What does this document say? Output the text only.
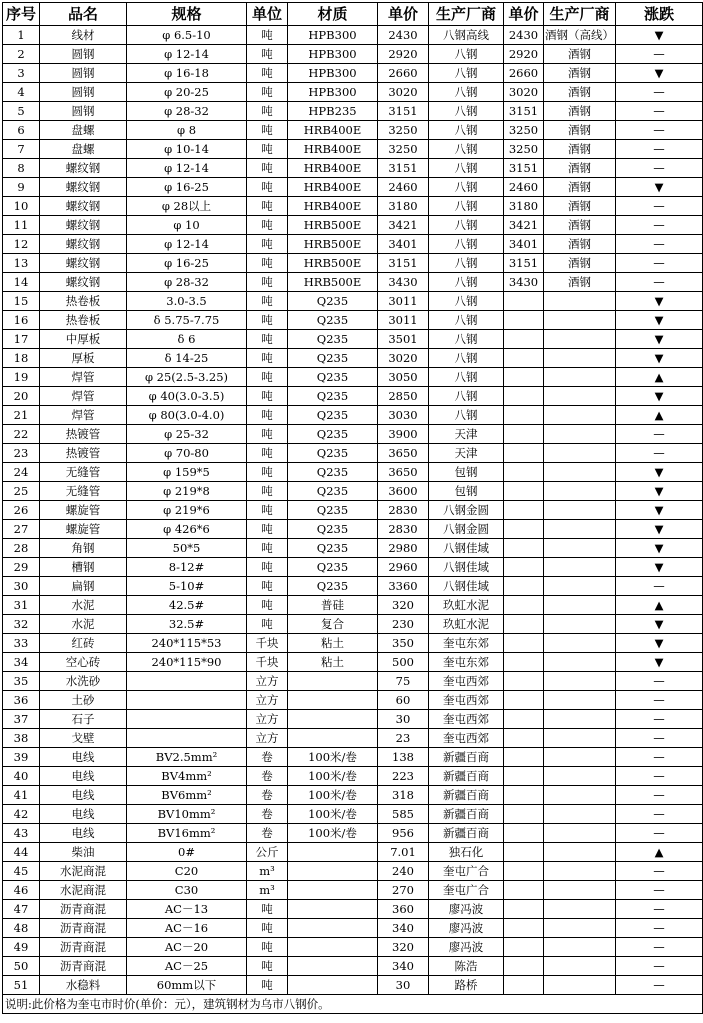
序号	品名	规格	单位	材质	单价	生产厂商	单价	生产厂商	涨跌
1	线材	φ 6.5-10	吨	HPB300	2430	八钢高线	2430	酒钢（高线）	▼
2	圆钢	φ 12-14	吨	HPB300	2920	八钢	2920	酒钢	—
3	圆钢	φ 16-18	吨	HPB300	2660	八钢	2660	酒钢	▼
4	圆钢	φ 20-25	吨	HPB300	3020	八钢	3020	酒钢	—
5	圆钢	φ 28-32	吨	HPB235	3151	八钢	3151	酒钢	—
6	盘螺	φ 8	吨	HRB400E	3250	八钢	3250	酒钢	—
7	盘螺	φ 10-14	吨	HRB400E	3250	八钢	3250	酒钢	—
8	螺纹钢	φ 12-14	吨	HRB400E	3151	八钢	3151	酒钢	—
9	螺纹钢	φ 16-25	吨	HRB400E	2460	八钢	2460	酒钢	▼
10	螺纹钢	φ 28以上	吨	HRB400E	3180	八钢	3180	酒钢	—
11	螺纹钢	φ 10	吨	HRB500E	3421	八钢	3421	酒钢	—
12	螺纹钢	φ 12-14	吨	HRB500E	3401	八钢	3401	酒钢	—
13	螺纹钢	φ 16-25	吨	HRB500E	3151	八钢	3151	酒钢	—
14	螺纹钢	φ 28-32	吨	HRB500E	3430	八钢	3430	酒钢	—
15	热卷板	3.0-3.5	吨	Q235	3011	八钢			▼
16	热卷板	δ 5.75-7.75	吨	Q235	3011	八钢			▼
17	中厚板	δ 6	吨	Q235	3501	八钢			▼
18	厚板	δ 14-25	吨	Q235	3020	八钢			▼
19	焊管	φ 25(2.5-3.25)	吨	Q235	3050	八钢			▲
20	焊管	φ 40(3.0-3.5)	吨	Q235	2850	八钢			▼
21	焊管	φ 80(3.0-4.0)	吨	Q235	3030	八钢			▲
22	热镀管	φ 25-32	吨	Q235	3900	天津			—
23	热镀管	φ 70-80	吨	Q235	3650	天津			—
24	无缝管	φ 159*5	吨	Q235	3650	包钢			▼
25	无缝管	φ 219*8	吨	Q235	3600	包钢			▼
26	螺旋管	φ 219*6	吨	Q235	2830	八钢金圆			▼
27	螺旋管	φ 426*6	吨	Q235	2830	八钢金圆			▼
28	角钢	50*5	吨	Q235	2980	八钢佳域			▼
29	槽钢	8-12#	吨	Q235	2960	八钢佳域			▼
30	扁钢	5-10#	吨	Q235	3360	八钢佳域			—
31	水泥	42.5#	吨	普硅	320	玖虹水泥			▲
32	水泥	32.5#	吨	复合	230	玖虹水泥			▼
33	红砖	240*115*53	千块	粘土	350	奎屯东郊			▼
34	空心砖	240*115*90	千块	粘土	500	奎屯东郊			▼
35	水洗砂		立方		75	奎屯西郊			—
36	土砂		立方		60	奎屯西郊			—
37	石子		立方		30	奎屯西郊			—
38	戈壁		立方		23	奎屯西郊			—
39	电线	BV2.5mm²	卷	100米/卷	138	新疆百商			—
40	电线	BV4mm²	卷	100米/卷	223	新疆百商			—
41	电线	BV6mm²	卷	100米/卷	318	新疆百商			—
42	电线	BV10mm²	卷	100米/卷	585	新疆百商			—
43	电线	BV16mm²	卷	100米/卷	956	新疆百商			—
44	柴油	0#	公斤		7.01	独石化			▲
45	水泥商混	C20	m³		240	奎屯广合			—
46	水泥商混	C30	m³		270	奎屯广合			—
47	沥青商混	AC－13	吨		360	廖冯波			—
48	沥青商混	AC－16	吨		340	廖冯波			—
49	沥青商混	AC－20	吨		320	廖冯波			—
50	沥青商混	AC－25	吨		340	陈浩			—
51	水稳料	60mm以下	吨		30	路桥			—
说明:此价格为奎屯市时价(单价：元），建筑钢材为乌市八钢价。									
